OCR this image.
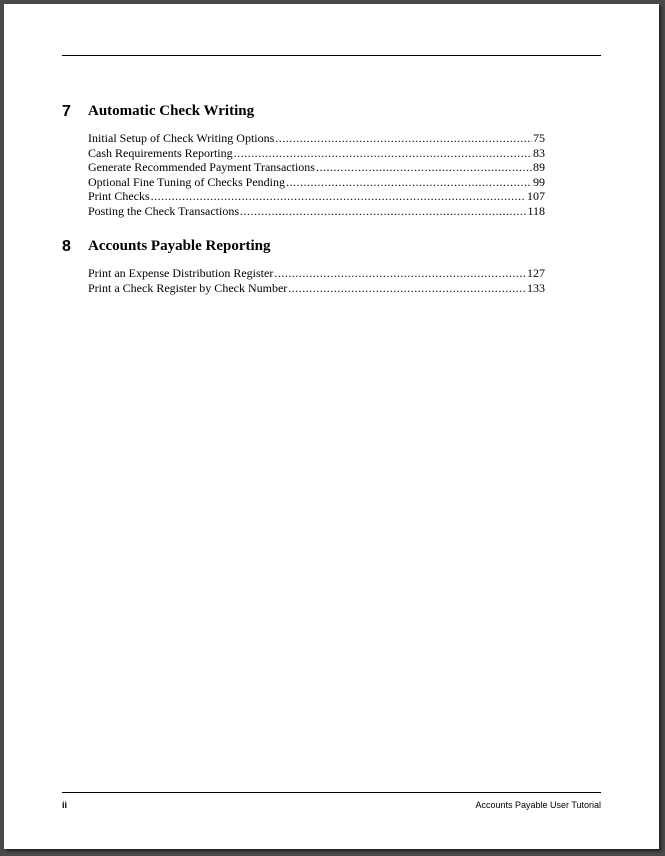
7 Automatic Check Writing
Initial Setup of Check Writing Options .....	75
Cash Requirements Reporting .....	83
Generate Recommended Payment Transactions .....	89
Optional Fine Tuning of Checks Pending .....	99
Print Checks .....	107
Posting the Check Transactions .....	118
8 Accounts Payable Reporting
Print an Expense Distribution Register .....	127
Print a Check Register by Check Number .....	133
ii	Accounts Payable User Tutorial
